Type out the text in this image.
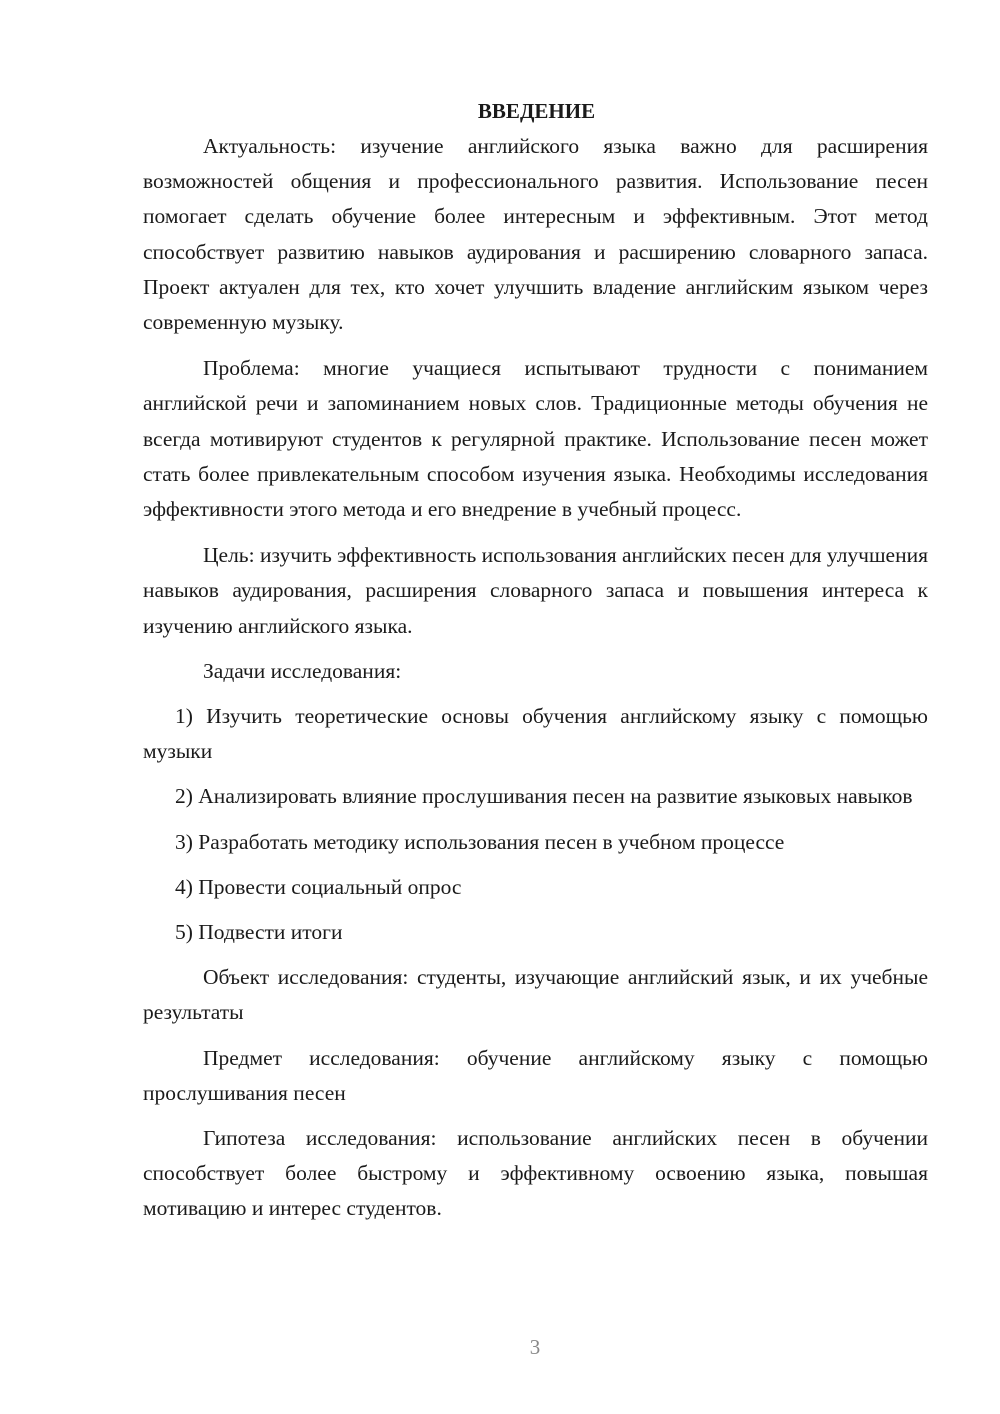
ВВЕДЕНИЕ

Актуальность: изучение английского языка важно для расширения возможностей общения и профессионального развития. Использование песен помогает сделать обучение более интересным и эффективным. Этот метод способствует развитию навыков аудирования и расширению словарного запаса. Проект актуален для тех, кто хочет улучшить владение английским языком через современную музыку.

Проблема: многие учащиеся испытывают трудности с пониманием английской речи и запоминанием новых слов. Традиционные методы обучения не всегда мотивируют студентов к регулярной практике. Использование песен может стать более привлекательным способом изучения языка. Необходимы исследования эффективности этого метода и его внедрение в учебный процесс.

Цель: изучить эффективность использования английских песен для улучшения навыков аудирования, расширения словарного запаса и повышения интереса к изучению английского языка.

Задачи исследования:

1) Изучить теоретические основы обучения английскому языку с помощью музыки

2) Анализировать влияние прослушивания песен на развитие языковых навыков

3) Разработать методику использования песен в учебном процессе

4) Провести социальный опрос

5) Подвести итоги

Объект исследования: студенты, изучающие английский язык, и их учебные результаты

Предмет исследования: обучение английскому языку с помощью прослушивания песен

Гипотеза исследования: использование английских песен в обучении способствует более быстрому и эффективному освоению языка, повышая мотивацию и интерес студентов.

3
